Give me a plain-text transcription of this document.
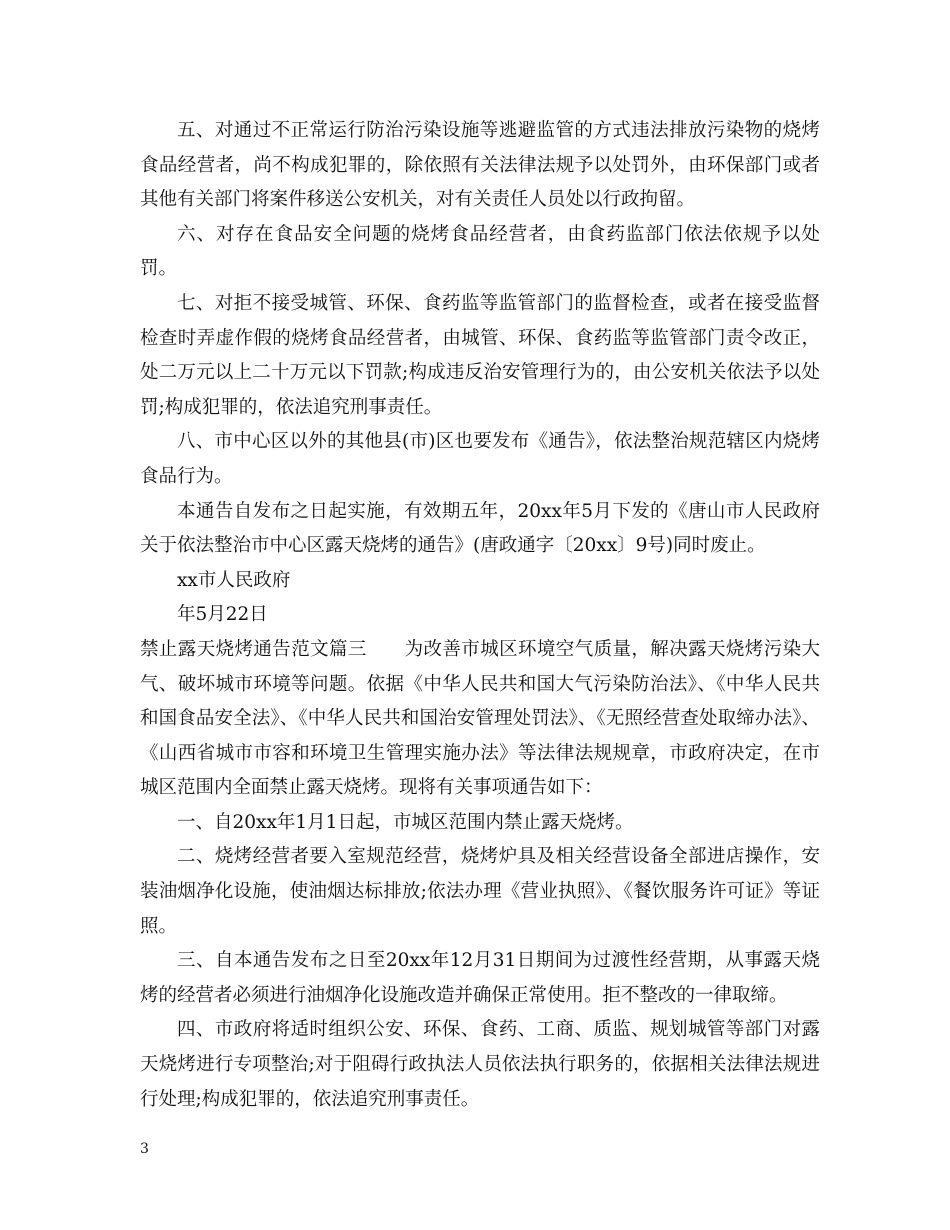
五、对通过不正常运行防治污染设施等逃避监管的方式违法排放污染物的烧烤食品经营者，尚不构成犯罪的，除依照有关法律法规予以处罚外，由环保部门或者其他有关部门将案件移送公安机关，对有关责任人员处以行政拘留。

六、对存在食品安全问题的烧烤食品经营者，由食药监部门依法依规予以处罚。

七、对拒不接受城管、环保、食药监等监管部门的监督检查，或者在接受监督检查时弄虚作假的烧烤食品经营者，由城管、环保、食药监等监管部门责令改正，处二万元以上二十万元以下罚款;构成违反治安管理行为的，由公安机关依法予以处罚;构成犯罪的，依法追究刑事责任。

八、市中心区以外的其他县(市)区也要发布《通告》，依法整治规范辖区内烧烤食品行为。

本通告自发布之日起实施，有效期五年，20xx年5月下发的《唐山市人民政府关于依法整治市中心区露天烧烤的通告》(唐政通字〔20xx〕9号)同时废止。

xx市人民政府

年5月22日

禁止露天烧烤通告范文篇三　　为改善市城区环境空气质量，解决露天烧烤污染大气、破坏城市环境等问题。依据《中华人民共和国大气污染防治法》、《中华人民共和国食品安全法》、《中华人民共和国治安管理处罚法》、《无照经营查处取缔办法》、《山西省城市市容和环境卫生管理实施办法》等法律法规规章，市政府决定，在市城区范围内全面禁止露天烧烤。现将有关事项通告如下：

一、自20xx年1月1日起，市城区范围内禁止露天烧烤。

二、烧烤经营者要入室规范经营，烧烤炉具及相关经营设备全部进店操作，安装油烟净化设施，使油烟达标排放;依法办理《营业执照》、《餐饮服务许可证》等证照。

三、自本通告发布之日至20xx年12月31日期间为过渡性经营期，从事露天烧烤的经营者必须进行油烟净化设施改造并确保正常使用。拒不整改的一律取缔。

四、市政府将适时组织公安、环保、食药、工商、质监、规划城管等部门对露天烧烤进行专项整治;对于阻碍行政执法人员依法执行职务的，依据相关法律法规进行处理;构成犯罪的，依法追究刑事责任。

3
